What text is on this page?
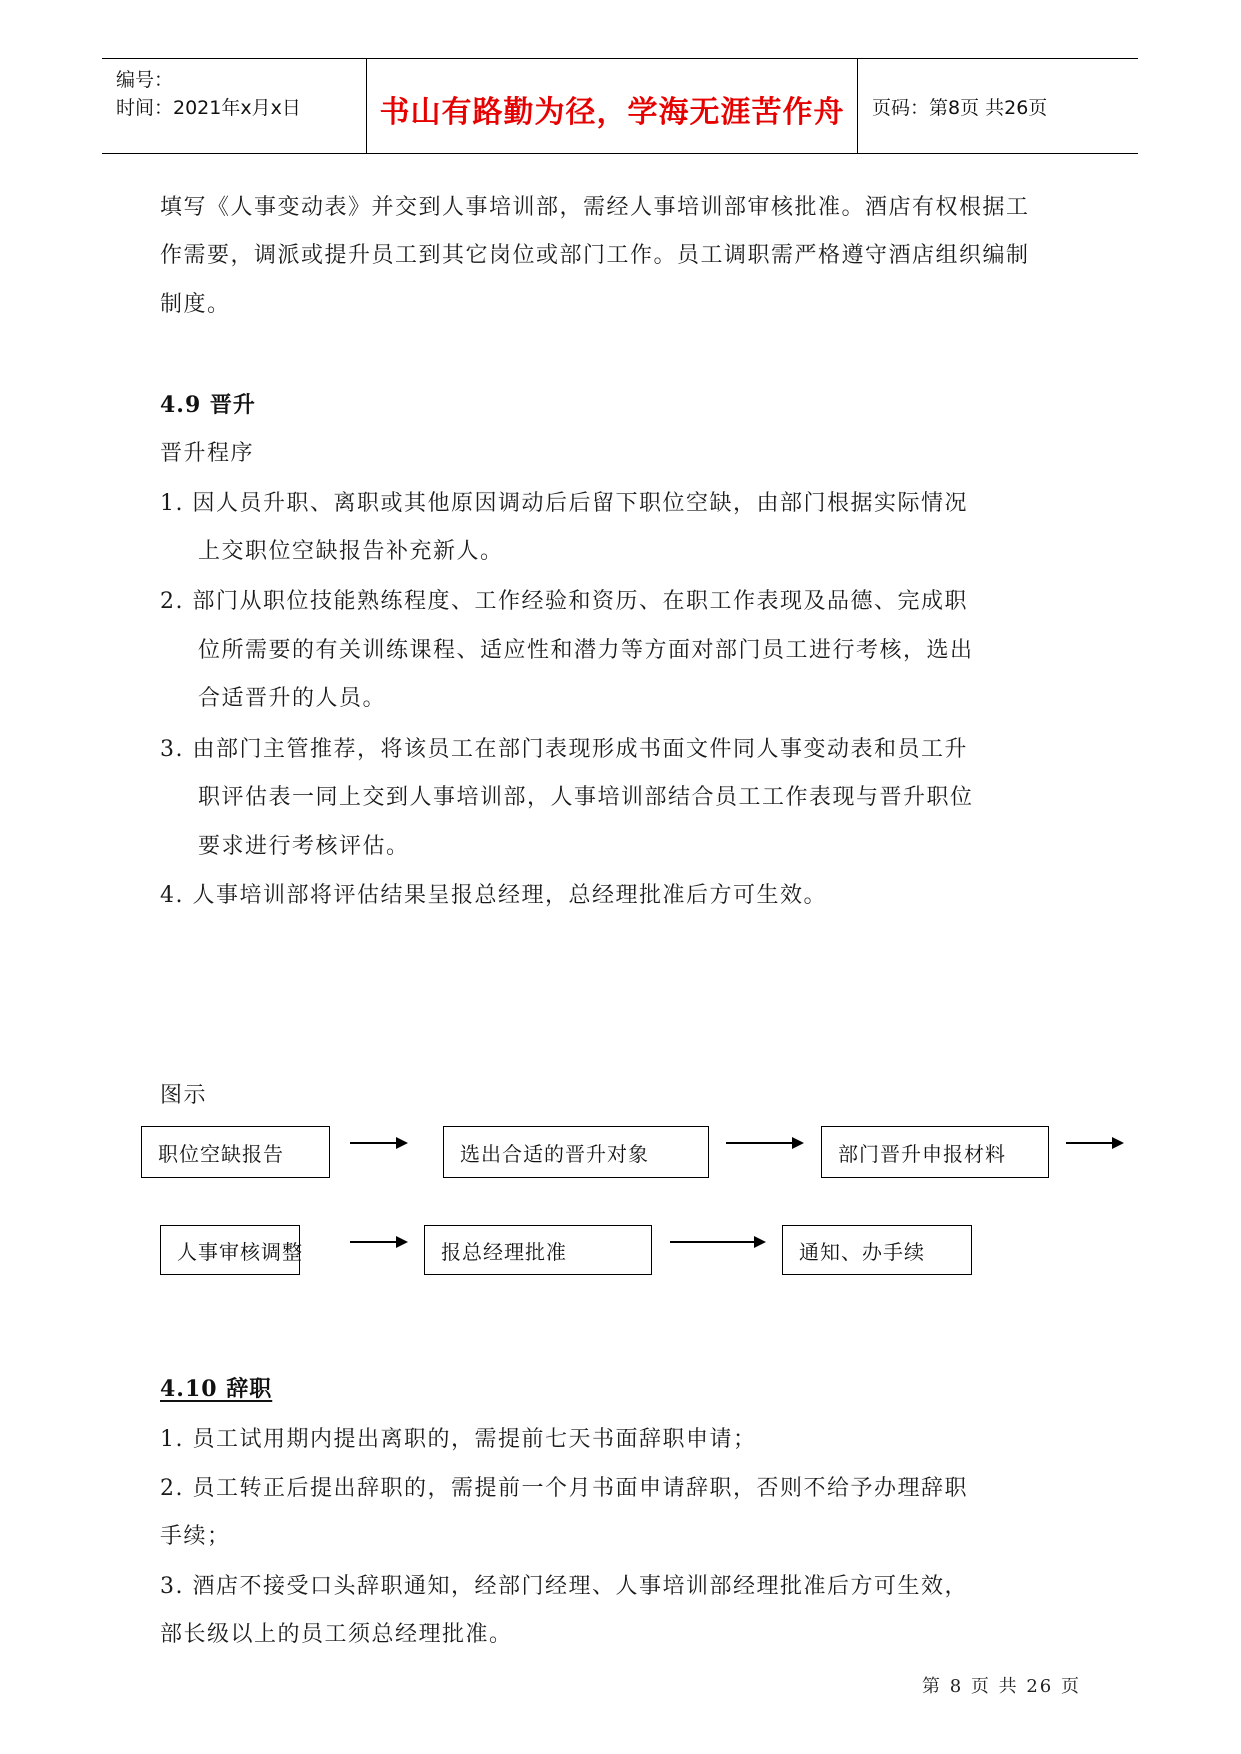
编号：
时间：2021年x月x日	书山有路勤为径，学海无涯苦作舟	页码：第8页 共26页
填写《人事变动表》并交到人事培训部，需经人事培训部审核批准。酒店有权根据工
作需要，调派或提升员工到其它岗位或部门工作。员工调职需严格遵守酒店组织编制
制度。
4.9 晋升
晋升程序
1. 因人员升职、离职或其他原因调动后后留下职位空缺，由部门根据实际情况
上交职位空缺报告补充新人。
2. 部门从职位技能熟练程度、工作经验和资历、在职工作表现及品德、完成职
位所需要的有关训练课程、适应性和潜力等方面对部门员工进行考核，选出
合适晋升的人员。
3. 由部门主管推荐，将该员工在部门表现形成书面文件同人事变动表和员工升
职评估表一同上交到人事培训部，人事培训部结合员工工作表现与晋升职位
要求进行考核评估。
4. 人事培训部将评估结果呈报总经理，总经理批准后方可生效。
图示
职位空缺报告	选出合适的晋升对象	部门晋升申报材料
人事审核调整	报总经理批准	通知、办手续
4.10 辞职
1. 员工试用期内提出离职的，需提前七天书面辞职申请；
2. 员工转正后提出辞职的，需提前一个月书面申请辞职，否则不给予办理辞职
手续；
3. 酒店不接受口头辞职通知，经部门经理、人事培训部经理批准后方可生效，
部长级以上的员工须总经理批准。
第 8 页 共 26 页
